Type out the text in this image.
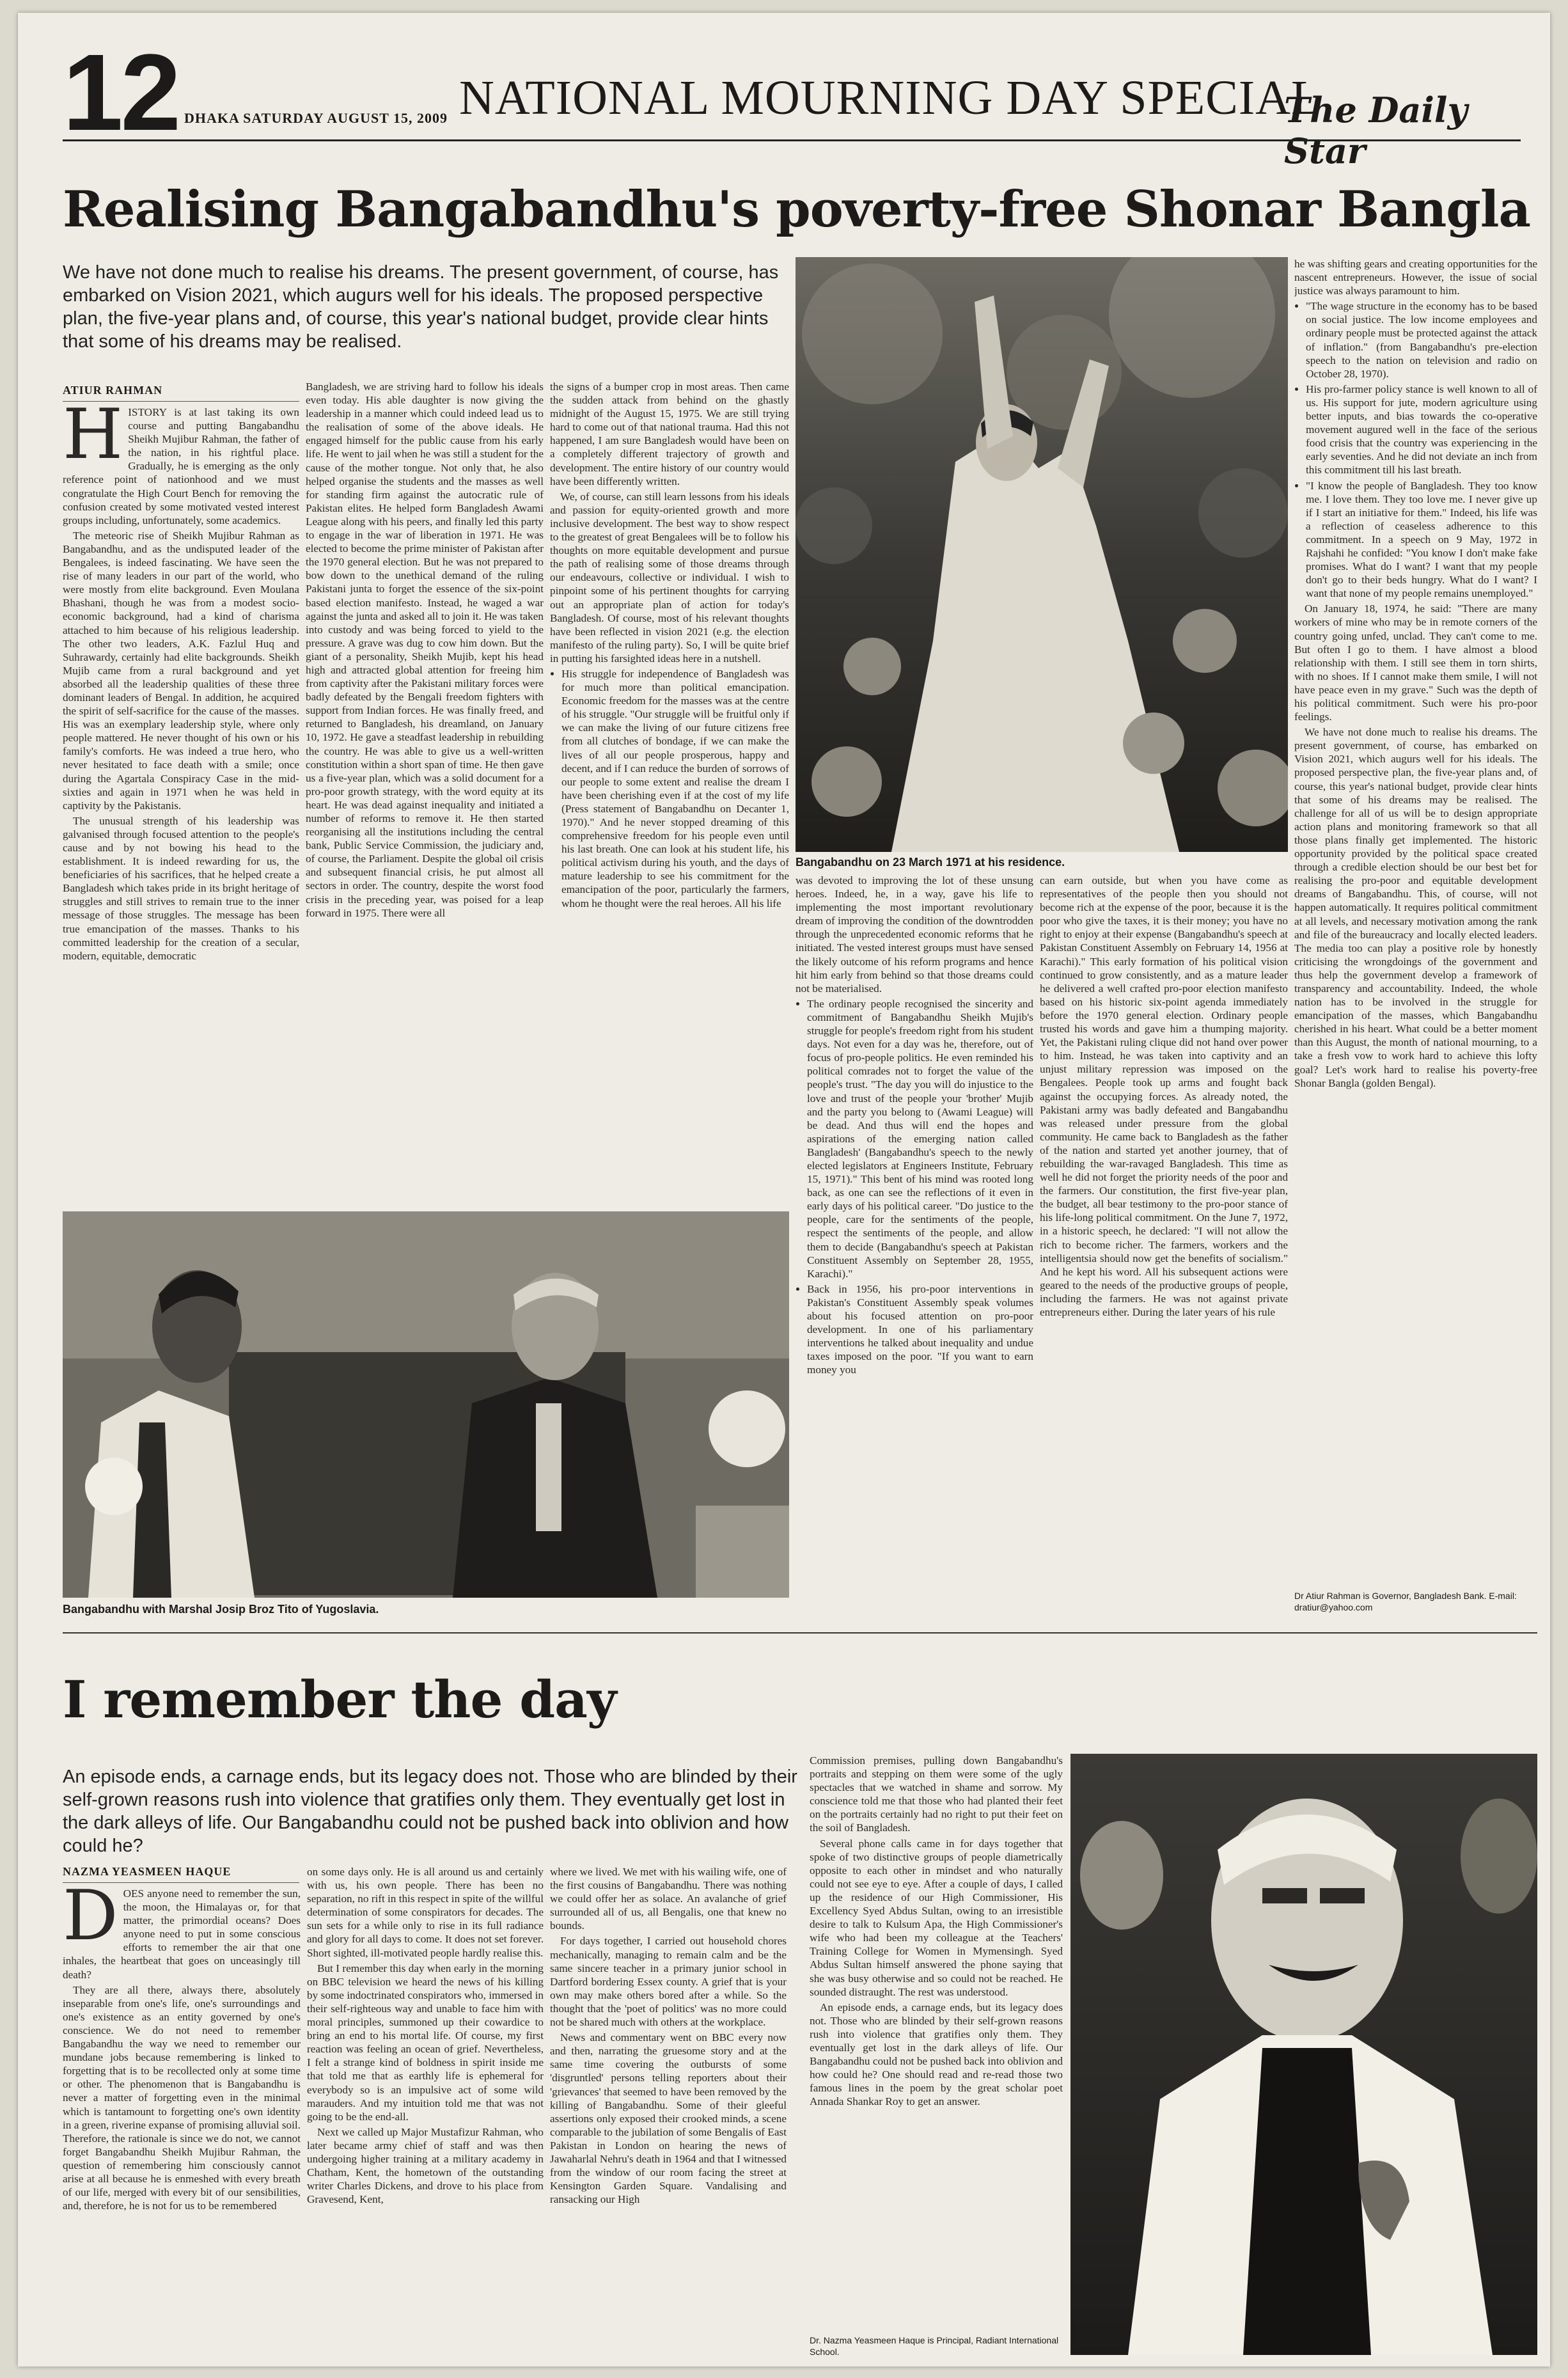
12 DHAKA SATURDAY AUGUST 15, 2009 NATIONAL MOURNING DAY SPECIAL
The Daily Star
Realising Bangabandhu's poverty-free Shonar Bangla
We have not done much to realise his dreams. The present government, of course, has embarked on Vision 2021, which augurs well for his ideals. The proposed perspective plan, the five-year plans and, of course, this year's national budget, provide clear hints that some of his dreams may be realised.
ATIUR RAHMAN
H ISTORY is at last taking its own course and putting Bangabandhu Sheikh Mujibur Rahman, the father of the nation, in his rightful place. Gradually, he is emerging as the only reference point of nationhood and we must congratulate the High Court Bench for removing the confusion created by some motivated vested interest groups including, unfortunately, some academics.

The meteoric rise of Sheikh Mujibur Rahman as Bangabandhu, and as the undisputed leader of the Bengalees, is indeed fascinating. We have seen the rise of many leaders in our part of the world, who were mostly from elite background. Even Moulana Bhashani, though he was from a modest socio-economic background, had a kind of charisma attached to him because of his religious leadership. The other two leaders, A.K. Fazlul Huq and Suhrawardy, certainly had elite backgrounds. Sheikh Mujib came from a rural background and yet absorbed all the leadership qualities of these three dominant leaders of Bengal. In addition, he acquired the spirit of self-sacrifice for the cause of the masses. His was an exemplary leadership style, where only people mattered. He never thought of his own or his family's comforts. He was indeed a true hero, who never hesitated to face death with a smile; once during the Agartala Conspiracy Case in the mid-sixties and again in 1971 when he was held in captivity by the Pakistanis.

The unusual strength of his leadership was galvanised through focused attention to the people's cause and by not bowing his head to the establishment. It is indeed rewarding for us, the beneficiaries of his sacrifices, that he helped create a Bangladesh which takes pride in its bright heritage of struggles and still strives to remain true to the inner message of those struggles. The message has been true emancipation of the masses. Thanks to his committed leadership for the creation of a secular, modern, equitable, democratic

Bangladesh, we are striving hard to follow his ideals even today. His able daughter is now giving the leadership in a manner which could indeed lead us to the realisation of some of the above ideals. He engaged himself for the public cause from his early life. He went to jail when he was still a student for the cause of the mother tongue. Not only that, he also helped organise the students and the masses as well for standing firm against the autocratic rule of Pakistan elites. He helped form Bangladesh Awami League along with his peers, and finally led this party to engage in the war of liberation in 1971. He was elected to become the prime minister of Pakistan after the 1970 general election. But he was not prepared to bow down to the unethical demand of the ruling Pakistani junta to forget the essence of the six-point based election manifesto. Instead, he waged a war against the junta and asked all to join it. He was taken into custody and was being forced to yield to the pressure. A grave was dug to cow him down. But the giant of a personality, Sheikh Mujib, kept his head high and attracted global attention for freeing him from captivity after the Pakistani military forces were badly defeated by the Bengali freedom fighters with support from Indian forces. He was finally freed, and returned to Bangladesh, his dreamland, on January 10, 1972. He gave a steadfast leadership in rebuilding the country. He was able to give us a well-written constitution within a short span of time. He then gave us a five-year plan, which was a solid document for a pro-poor growth strategy, with the word equity at its heart. He was dead against inequality and initiated a number of reforms to remove it. He then started reorganising all the institutions including the central bank, Public Service Commission, the judiciary and, of course, the Parliament. Despite the global oil crisis and subsequent financial crisis, he put almost all sectors in order. The country, despite the worst food crisis in the preceding year, was poised for a leap forward in 1975. There were all

the signs of a bumper crop in most areas. Then came the sudden attack from behind on the ghastly midnight of the August 15, 1975. We are still trying hard to come out of that national trauma. Had this not happened, I am sure Bangladesh would have been on a completely different trajectory of growth and development. The entire history of our country would have been differently written.

We, of course, can still learn lessons from his ideals and passion for equity-oriented growth and more inclusive development. The best way to show respect to the greatest of great Bengalees will be to follow his thoughts on more equitable development and pursue the path of realising some of those dreams through our endeavours, collective or individual. I wish to pinpoint some of his pertinent thoughts for carrying out an appropriate plan of action for today's Bangladesh. Of course, most of his relevant thoughts have been reflected in vision 2021 (e.g. the election manifesto of the ruling party). So, I will be quite brief in putting his farsighted ideas here in a nutshell.

• His struggle for independence of Bangladesh was for much more than political emancipation. Economic freedom for the masses was at the centre of his struggle. "Our struggle will be fruitful only if we can make the living of our future citizens free from all clutches of bondage, if we can make the lives of all our people prosperous, happy and decent, and if I can reduce the burden of sorrows of our people to some extent and realise the dream I have been cherishing even if at the cost of my life (Press statement of Bangabandhu on Decanter 1, 1970)." And he never stopped dreaming of this comprehensive freedom for his people even until his last breath. One can look at his student life, his political activism during his youth, and the days of mature leadership to see his commitment for the emancipation of the poor, particularly the farmers, whom he thought were the real heroes. All his life
Bangabandhu on 23 March 1971 at his residence.
Bangabandhu with Marshal Josip Broz Tito of Yugoslavia.

was devoted to improving the lot of these unsung heroes. Indeed, he, in a way, gave his life to implementing the most important revolutionary dream of improving the condition of the downtrodden through the unprecedented economic reforms that he initiated. The vested interest groups must have sensed the likely outcome of his reform programs and hence hit him early from behind so that those dreams could not be materialised.

• The ordinary people recognised the sincerity and commitment of Bangabandhu Sheikh Mujib's struggle for people's freedom right from his student days. Not even for a day was he, therefore, out of focus of pro-people politics. He even reminded his political comrades not to forget the value of the people's trust. "The day you will do injustice to the love and trust of the people your 'brother' Mujib and the party you belong to (Awami League) will be dead. And thus will end the hopes and aspirations of the emerging nation called Bangladesh' (Bangabandhu's speech to the newly elected legislators at Engineers Institute, February 15, 1971)." This bent of his mind was rooted long back, as one can see the reflections of it even in early days of his political career. "Do justice to the people, care for the sentiments of the people, respect the sentiments of the people, and allow them to decide (Bangabandhu's speech at Pakistan Constituent Assembly on September 28, 1955, Karachi)."
• Back in 1956, his pro-poor interventions in Pakistan's Constituent Assembly speak volumes about his focused attention on pro-poor development. In one of his parliamentary interventions he talked about inequality and undue taxes imposed on the poor. "If you want to earn money you

can earn outside, but when you have come as representatives of the people then you should not become rich at the expense of the poor, because it is the poor who give the taxes, it is their money; you have no right to enjoy at their expense (Bangabandhu's speech at Pakistan Constituent Assembly on February 14, 1956 at Karachi)." This early formation of his political vision continued to grow consistently, and as a mature leader he delivered a well crafted pro-poor election manifesto based on his historic six-point agenda immediately before the 1970 general election. Ordinary people trusted his words and gave him a thumping majority. Yet, the Pakistani ruling clique did not hand over power to him. Instead, he was taken into captivity and an unjust military repression was imposed on the Bengalees. People took up arms and fought back against the occupying forces. As already noted, the Pakistani army was badly defeated and Bangabandhu was released under pressure from the global community. He came back to Bangladesh as the father of the nation and started yet another journey, that of rebuilding the war-ravaged Bangladesh. This time as well he did not forget the priority needs of the poor and the farmers. Our constitution, the first five-year plan, the budget, all bear testimony to the pro-poor stance of his life-long political commitment. On the June 7, 1972, in a historic speech, he declared: "I will not allow the rich to become richer. The farmers, workers and the intelligentsia should now get the benefits of socialism." And he kept his word. All his subsequent actions were geared to the needs of the productive groups of people, including the farmers. He was not against private entrepreneurs either. During the later years of his rule

he was shifting gears and creating opportunities for the nascent entrepreneurs. However, the issue of social justice was always paramount to him.

• "The wage structure in the economy has to be based on social justice. The low income employees and ordinary people must be protected against the attack of inflation." (from Bangabandhu's pre-election speech to the nation on television and radio on October 28, 1970).
• His pro-farmer policy stance is well known to all of us. His support for jute, modern agriculture using better inputs, and bias towards the co-operative movement augured well in the face of the serious food crisis that the country was experiencing in the early seventies. And he did not deviate an inch from this commitment till his last breath.
• "I know the people of Bangladesh. They too know me. I love them. They too love me. I never give up if I start an initiative for them." Indeed, his life was a reflection of ceaseless adherence to this commitment. In a speech on 9 May, 1972 in Rajshahi he confided: "You know I don't make fake promises. What do I want? I want that my people don't go to their beds hungry. What do I want? I want that none of my people remains unemployed."

On January 18, 1974, he said: "There are many workers of mine who may be in remote corners of the country going unfed, unclad. They can't come to me. But often I go to them. I have almost a blood relationship with them. I still see them in torn shirts, with no shoes. If I cannot make them smile, I will not have peace even in my grave." Such was the depth of his political commitment. Such were his pro-poor feelings.

We have not done much to realise his dreams. The present government, of course, has embarked on Vision 2021, which augurs well for his ideals. The proposed perspective plan, the five-year plans and, of course, this year's national budget, provide clear hints that some of his dreams may be realised. The challenge for all of us will be to design appropriate action plans and monitoring framework so that all those plans finally get implemented. The historic opportunity provided by the political space created through a credible election should be our best bet for realising the pro-poor and equitable development dreams of Bangabandhu. This, of course, will not happen automatically. It requires political commitment at all levels, and necessary motivation among the rank and file of the bureaucracy and locally elected leaders. The media too can play a positive role by honestly criticising the wrongdoings of the government and thus help the government develop a framework of transparency and accountability. Indeed, the whole nation has to be involved in the struggle for emancipation of the masses, which Bangabandhu cherished in his heart. What could be a better moment than this August, the month of national mourning, to a take a fresh vow to work hard to achieve this lofty goal? Let's work hard to realise his poverty-free Shonar Bangla (golden Bengal).

Dr Atiur Rahman is Governor, Bangladesh Bank. E-mail: dratiur@yahoo.com
I remember the day
An episode ends, a carnage ends, but its legacy does not. Those who are blinded by their self-grown reasons rush into violence that gratifies only them. They eventually get lost in the dark alleys of life. Our Bangabandhu could not be pushed back into oblivion and how could he?
NAZMA YEASMEEN HAQUE
D OES anyone need to remember the sun, the moon, the Himalayas or, for that matter, the primordial oceans? Does anyone need to put in some conscious efforts to remember the air that one inhales, the heartbeat that goes on unceasingly till death?

They are all there, always there, absolutely inseparable from one's life, one's surroundings and one's existence as an entity governed by one's conscience. We do not need to remember Bangabandhu the way we need to remember our mundane jobs because remembering is linked to forgetting that is to be recollected only at some time or other. The phenomenon that is Bangabandhu is never a matter of forgetting even in the minimal which is tantamount to forgetting one's own identity in a green, riverine expanse of promising alluvial soil. Therefore, the rationale is since we do not, we cannot forget Bangabandhu Sheikh Mujibur Rahman, the question of remembering him consciously cannot arise at all because he is enmeshed with every breath of our life, merged with every bit of our sensibilities, and, therefore, he is not for us to be remembered

on some days only. He is all around us and certainly with us, his own people. There has been no separation, no rift in this respect in spite of the willful determination of some conspirators for decades. The sun sets for a while only to rise in its full radiance and glory for all days to come. It does not set forever. Short sighted, ill-motivated people hardly realise this.

But I remember this day when early in the morning on BBC television we heard the news of his killing by some indoctrinated conspirators who, immersed in their self-righteous way and unable to face him with moral principles, summoned up their cowardice to bring an end to his mortal life. Of course, my first reaction was feeling an ocean of grief. Nevertheless, I felt a strange kind of boldness in spirit inside me that told me that as earthly life is ephemeral for everybody so is an impulsive act of some wild marauders. And my intuition told me that was not going to be the end-all.

Next we called up Major Mustafizur Rahman, who later became army chief of staff and was then undergoing higher training at a military academy in Chatham, Kent, the hometown of the outstanding writer Charles Dickens, and drove to his place from Gravesend, Kent,

where we lived. We met with his wailing wife, one of the first cousins of Bangabandhu. There was nothing we could offer her as solace. An avalanche of grief surrounded all of us, all Bengalis, one that knew no bounds.

For days together, I carried out household chores mechanically, managing to remain calm and be the same sincere teacher in a primary junior school in Dartford bordering Essex county. A grief that is your own may make others bored after a while. So the thought that the 'poet of politics' was no more could not be shared much with others at the workplace.

News and commentary went on BBC every now and then, narrating the gruesome story and at the same time covering the outbursts of some 'disgruntled' persons telling reporters about their 'grievances' that seemed to have been removed by the killing of Bangabandhu. Some of their gleeful assertions only exposed their crooked minds, a scene comparable to the jubilation of some Bengalis of East Pakistan in London on hearing the news of Jawaharlal Nehru's death in 1964 and that I witnessed from the window of our room facing the street at Kensington Garden Square. Vandalising and ransacking our High

Commission premises, pulling down Bangabandhu's portraits and stepping on them were some of the ugly spectacles that we watched in shame and sorrow. My conscience told me that those who had planted their feet on the portraits certainly had no right to put their feet on the soil of Bangladesh.

Several phone calls came in for days together that spoke of two distinctive groups of people diametrically opposite to each other in mindset and who naturally could not see eye to eye. After a couple of days, I called up the residence of our High Commissioner, His Excellency Syed Abdus Sultan, owing to an irresistible desire to talk to Kulsum Apa, the High Commissioner's wife who had been my colleague at the Teachers' Training College for Women in Mymensingh. Syed Abdus Sultan himself answered the phone saying that she was busy otherwise and so could not be reached. He sounded distraught. The rest was understood.

An episode ends, a carnage ends, but its legacy does not. Those who are blinded by their self-grown reasons rush into violence that gratifies only them. They eventually get lost in the dark alleys of life. Our Bangabandhu could not be pushed back into oblivion and how could he? One should read and re-read those two famous lines in the poem by the great scholar poet Annada Shankar Roy to get an answer.

Dr. Nazma Yeasmeen Haque is Principal, Radiant International School.
